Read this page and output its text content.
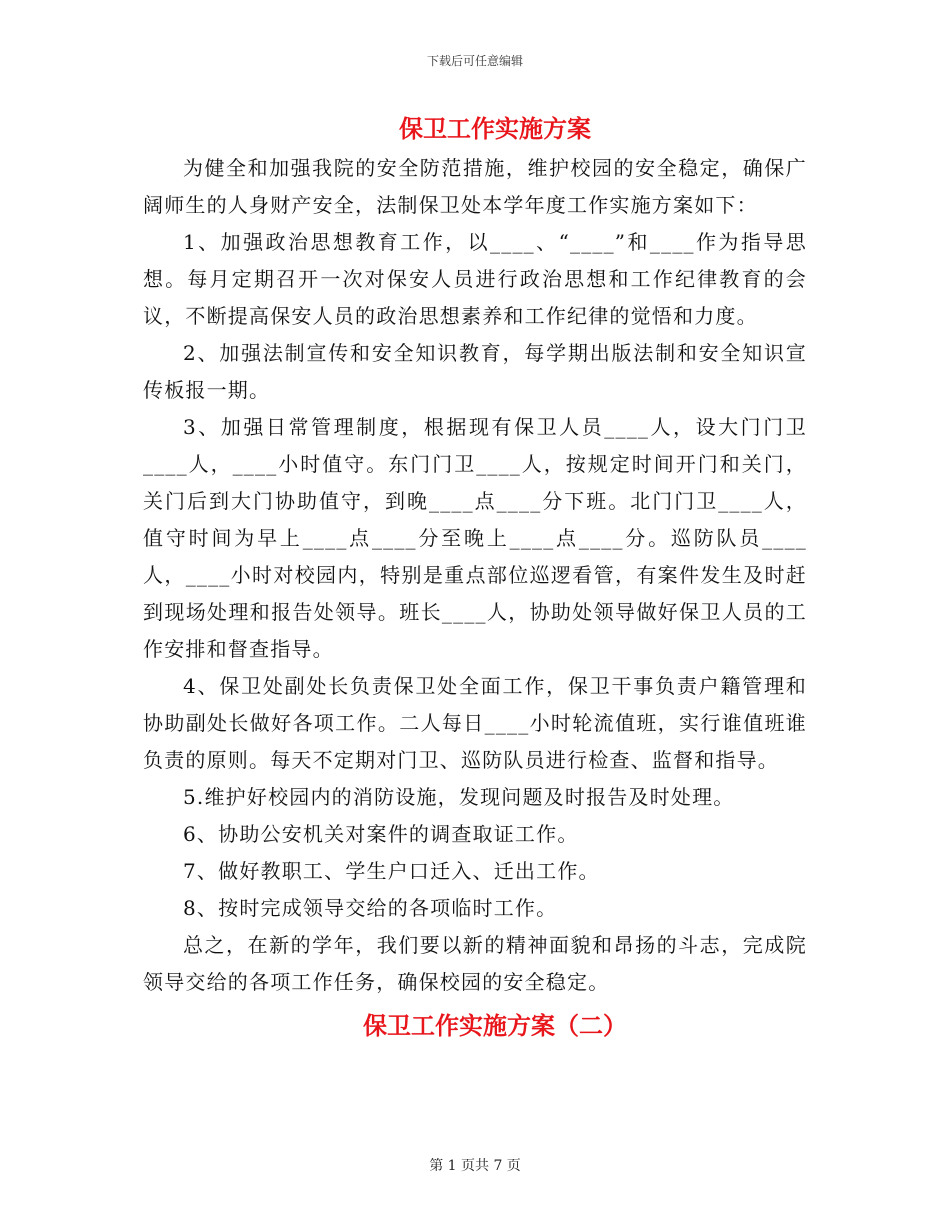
下载后可任意编辑
保卫工作实施方案

为健全和加强我院的安全防范措施，维护校园的安全稳定，确保广阔师生的人身财产安全，法制保卫处本学年度工作实施方案如下：

1、加强政治思想教育工作，以____、“____”和____作为指导思想。每月定期召开一次对保安人员进行政治思想和工作纪律教育的会议，不断提高保安人员的政治思想素养和工作纪律的觉悟和力度。

2、加强法制宣传和安全知识教育，每学期出版法制和安全知识宣传板报一期。

3、加强日常管理制度，根据现有保卫人员____人，设大门门卫____人，____小时值守。东门门卫____人，按规定时间开门和关门，关门后到大门协助值守，到晚____点____分下班。北门门卫____人，值守时间为早上____点____分至晚上____点____分。巡防队员____人，____小时对校园内，特别是重点部位巡逻看管，有案件发生及时赶到现场处理和报告处领导。班长____人，协助处领导做好保卫人员的工作安排和督查指导。

4、保卫处副处长负责保卫处全面工作，保卫干事负责户籍管理和协助副处长做好各项工作。二人每日____小时轮流值班，实行谁值班谁负责的原则。每天不定期对门卫、巡防队员进行检查、监督和指导。

5.维护好校园内的消防设施，发现问题及时报告及时处理。

6、协助公安机关对案件的调查取证工作。

7、做好教职工、学生户口迁入、迁出工作。

8、按时完成领导交给的各项临时工作。

总之，在新的学年，我们要以新的精神面貌和昂扬的斗志，完成院领导交给的各项工作任务，确保校园的安全稳定。

保卫工作实施方案（二）
第 1 页共 7 页
